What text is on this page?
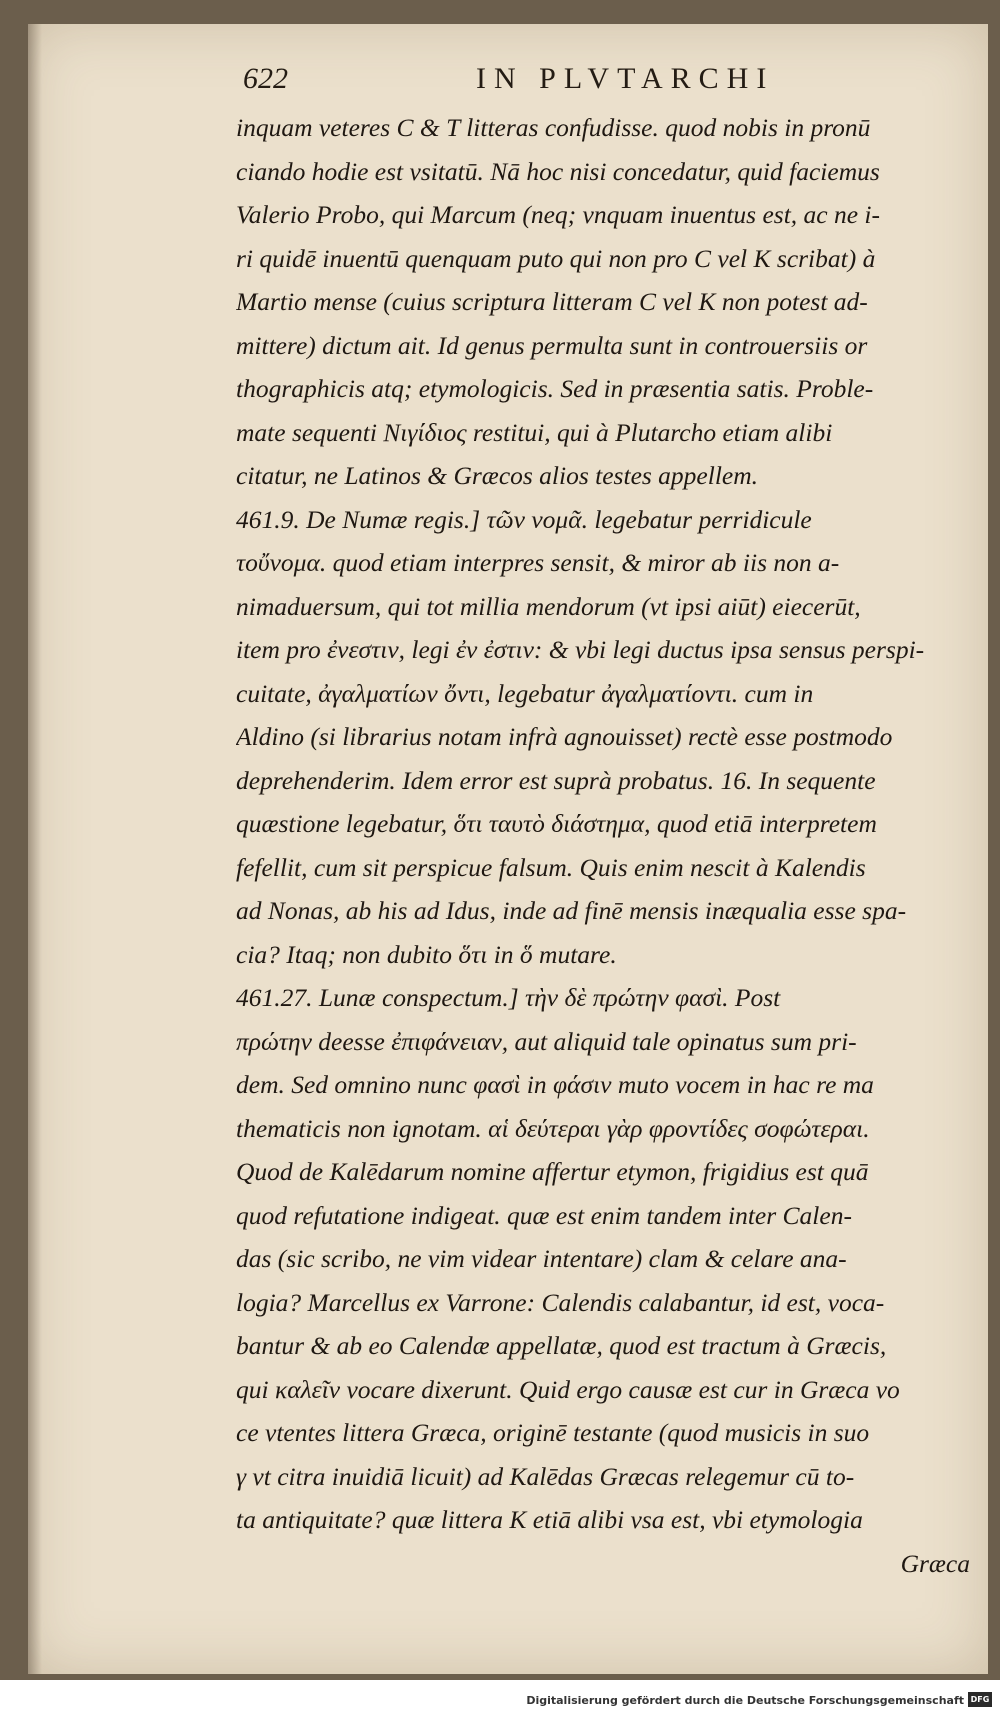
622	IN PLVTARCHI
inquam veteres C & T litteras confudisse. quod nobis in pronū
ciando hodie est vsitatū. Nā hoc nisi concedatur, quid faciemus
Valerio Probo, qui Marcum (neq; vnquam inuentus est, ac ne i-
ri quidē inuentū quenquam puto qui non pro C vel K scribat) à
Martio mense (cuius scriptura litteram C vel K non potest ad-
mittere) dictum ait. Id genus permulta sunt in controuersiis or
thographicis atq; etymologicis. Sed in præsentia satis. Proble-
mate sequenti Νιγίδιος restitui, qui à Plutarcho etiam alibi
citatur, ne Latinos & Græcos alios testes appellem.
461.9. De Numæ regis.] τῶν νομᾶ. legebatur perridicule
τοὔνομα. quod etiam interpres sensit, & miror ab iis non a-
nimaduersum, qui tot millia mendorum (vt ipsi aiūt) eiecerūt,
item pro ἐνεστιν, legi ἐν ἐστιν: & vbi legi ductus ipsa sensus perspi-
cuitate, ἀγαλματίων ὄντι, legebatur ἀγαλματίοντι. cum in
Aldino (si librarius notam infrà agnouisset) rectè esse postmodo
deprehenderim. Idem error est suprà probatus. 16. In sequente
quæstione legebatur, ὅτι ταυτὸ διάστημα, quod etiā interpretem
fefellit, cum sit perspicue falsum. Quis enim nescit à Kalendis
ad Nonas, ab his ad Idus, inde ad finē mensis inæqualia esse spa-
cia? Itaq; non dubito ὅτι in ὅ mutare.
461.27. Lunæ conspectum.] τὴν δὲ πρώτην φασὶ. Post
πρώτην deesse ἐπιφάνειαν, aut aliquid tale opinatus sum pri-
dem. Sed omnino nunc φασὶ in φάσιν muto vocem in hac re ma
thematicis non ignotam. αἱ δεύτεραι γὰρ φροντίδες σοφώτεραι.
Quod de Kalēdarum nomine affertur etymon, frigidius est quā
quod refutatione indigeat. quæ est enim tandem inter Calen-
das (sic scribo, ne vim videar intentare) clam & celare ana-
logia? Marcellus ex Varrone: Calendis calabantur, id est, voca-
bantur & ab eo Calendæ appellatæ, quod est tractum à Græcis,
qui καλεῖν vocare dixerunt. Quid ergo causæ est cur in Græca vo
ce vtentes littera Græca, originē testante (quod musicis in suo
γ vt citra inuidiā licuit) ad Kalēdas Græcas relegemur cū to-
ta antiquitate? quæ littera K etiā alibi vsa est, vbi etymologia
Græca
Digitalisierung gefördert durch die Deutsche Forschungsgemeinschaft DFG
